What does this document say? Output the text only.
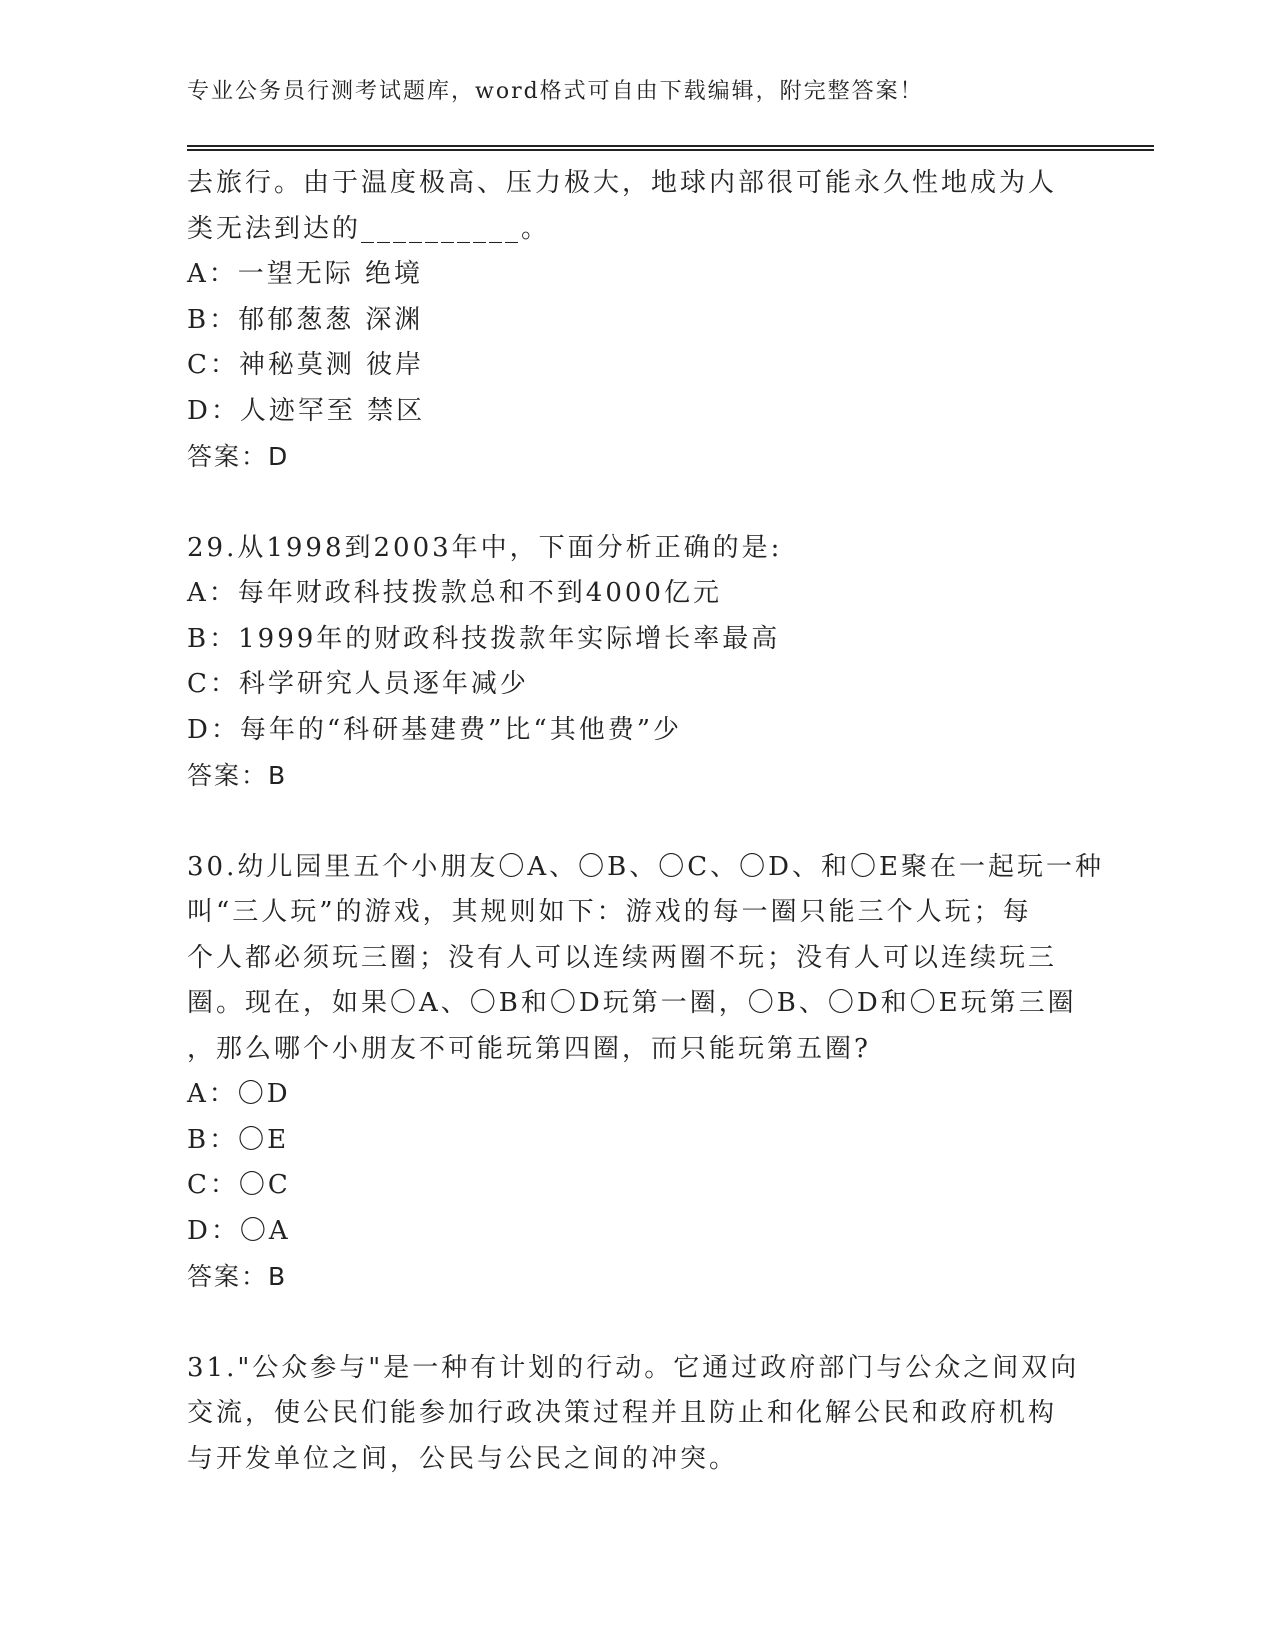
专业公务员行测考试题库，word格式可自由下载编辑，附完整答案！
去旅行。由于温度极高、压力极大，地球内部很可能永久性地成为人
类无法到达的__________。
A：一望无际 绝境
B：郁郁葱葱 深渊
C：神秘莫测 彼岸
D：人迹罕至 禁区
答案：D
29.从1998到2003年中，下面分析正确的是:
A：每年财政科技拨款总和不到4000亿元
B：1999年的财政科技拨款年实际增长率最高
C：科学研究人员逐年减少
D：每年的“科研基建费”比“其他费”少
答案：B
30.幼儿园里五个小朋友〇A、〇B、〇C、〇D、和〇E聚在一起玩一种
叫“三人玩”的游戏，其规则如下：游戏的每一圈只能三个人玩；每
个人都必须玩三圈；没有人可以连续两圈不玩；没有人可以连续玩三
圈。现在，如果〇A、〇B和〇D玩第一圈，〇B、〇D和〇E玩第三圈
，那么哪个小朋友不可能玩第四圈，而只能玩第五圈?
A：〇D
B：〇E
C：〇C
D：〇A
答案：B
31."公众参与"是一种有计划的行动。它通过政府部门与公众之间双向
交流，使公民们能参加行政决策过程并且防止和化解公民和政府机构
与开发单位之间，公民与公民之间的冲突。
